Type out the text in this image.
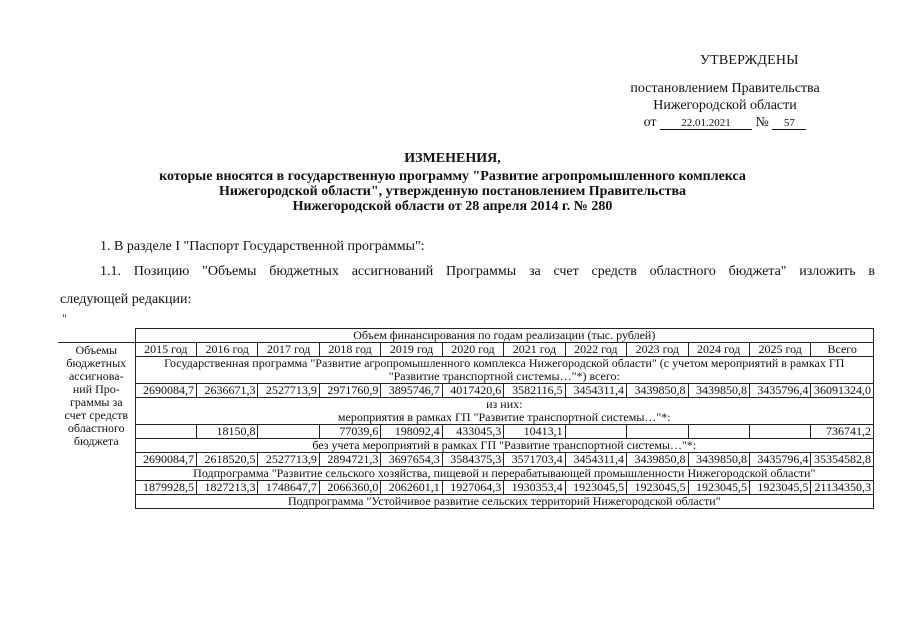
УТВЕРЖДЕНЫ
постановлением Правительства
Нижегородской области
от 22.01.2021 № 57
ИЗМЕНЕНИЯ,
которые вносятся в государственную программу "Развитие агропромышленного комплекса
Нижегородской области", утвержденную постановлением Правительства
Нижегородской области от 28 апреля 2014 г. № 280
1. В разделе I "Паспорт Государственной программы":
1.1. Позицию "Объемы бюджетных ассигнований Программы за счет средств областного бюджета" изложить в
следующей редакции:
"
	Объем финансирования по годам реализации (тыс. рублей)											
Объемы бюджетных ассигнова-ний Про-граммы за счет средств областного бюджета	2015 год	2016 год	2017 год	2018 год	2019 год	2020 год	2021 год	2022 год	2023 год	2024 год	2025 год	Всего
	Государственная программа "Развитие агропромышленного комплекса Нижегородской области" (с учетом мероприятий в рамках ГП "Развитие транспортной системы…"*) всего:											
	2690084,7	2636671,3	2527713,9	2971760,9	3895746,7	4017420,6	3582116,5	3454311,4	3439850,8	3439850,8	3435796,4	36091324,0

	из них:
мероприятия в рамках ГП "Развитие транспортной системы…"*:											

		18150,8		77039,6	198092,4	433045,3	10413,1					736741,2
	без учета мероприятий в рамках ГП "Развитие транспортной системы…"*:											
	2690084,7	2618520,5	2527713,9	2894721,3	3697654,3	3584375,3	3571703,4	3454311,4	3439850,8	3439850,8	3435796,4	35354582,8
	Подпрограмма "Развитие сельского хозяйства, пищевой и перерабатывающей промышленности Нижегородской области"											
	1879928,5	1827213,3	1748647,7	2066360,0	2062601,1	1927064,3	1930353,4	1923045,5	1923045,5	1923045,5	1923045,5	21134350,3
	Подпрограмма "Устойчивое развитие сельских территорий Нижегородской области"											
